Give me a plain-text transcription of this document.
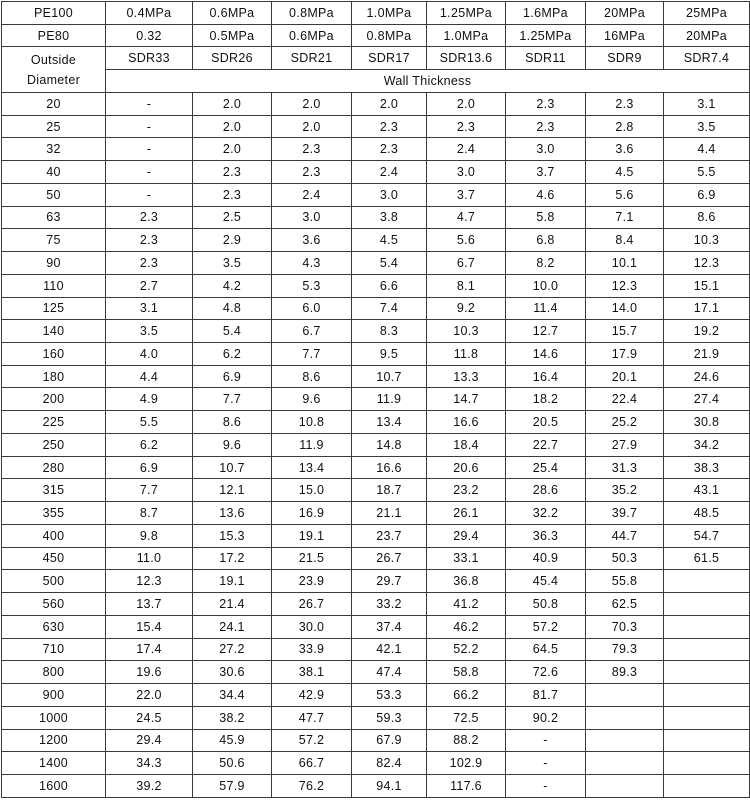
PE100	0.4MPa	0.6MPa	0.8MPa	1.0MPa	1.25MPa	1.6MPa	20MPa	25MPa
PE80	0.32	0.5MPa	0.6MPa	0.8MPa	1.0MPa	1.25MPa	16MPa	20MPa
Outside
Diameter	SDR33	SDR26	SDR21	SDR17	SDR13.6	SDR11	SDR9	SDR7.4
	Wall Thickness							
20	-	2.0	2.0	2.0	2.0	2.3	2.3	3.1
25	-	2.0	2.0	2.3	2.3	2.3	2.8	3.5
32	-	2.0	2.3	2.3	2.4	3.0	3.6	4.4
40	-	2.3	2.3	2.4	3.0	3.7	4.5	5.5
50	-	2.3	2.4	3.0	3.7	4.6	5.6	6.9
63	2.3	2.5	3.0	3.8	4.7	5.8	7.1	8.6
75	2.3	2.9	3.6	4.5	5.6	6.8	8.4	10.3
90	2.3	3.5	4.3	5.4	6.7	8.2	10.1	12.3
110	2.7	4.2	5.3	6.6	8.1	10.0	12.3	15.1
125	3.1	4.8	6.0	7.4	9.2	11.4	14.0	17.1
140	3.5	5.4	6.7	8.3	10.3	12.7	15.7	19.2
160	4.0	6.2	7.7	9.5	11.8	14.6	17.9	21.9
180	4.4	6.9	8.6	10.7	13.3	16.4	20.1	24.6
200	4.9	7.7	9.6	11.9	14.7	18.2	22.4	27.4
225	5.5	8.6	10.8	13.4	16.6	20.5	25.2	30.8
250	6.2	9.6	11.9	14.8	18.4	22.7	27.9	34.2
280	6.9	10.7	13.4	16.6	20.6	25.4	31.3	38.3
315	7.7	12.1	15.0	18.7	23.2	28.6	35.2	43.1
355	8.7	13.6	16.9	21.1	26.1	32.2	39.7	48.5
400	9.8	15.3	19.1	23.7	29.4	36.3	44.7	54.7
450	11.0	17.2	21.5	26.7	33.1	40.9	50.3	61.5
500	12.3	19.1	23.9	29.7	36.8	45.4	55.8	
560	13.7	21.4	26.7	33.2	41.2	50.8	62.5	
630	15.4	24.1	30.0	37.4	46.2	57.2	70.3	
710	17.4	27.2	33.9	42.1	52.2	64.5	79.3	
800	19.6	30.6	38.1	47.4	58.8	72.6	89.3	
900	22.0	34.4	42.9	53.3	66.2	81.7		
1000	24.5	38.2	47.7	59.3	72.5	90.2		
1200	29.4	45.9	57.2	67.9	88.2	-		
1400	34.3	50.6	66.7	82.4	102.9	-		
1600	39.2	57.9	76.2	94.1	117.6	-		
